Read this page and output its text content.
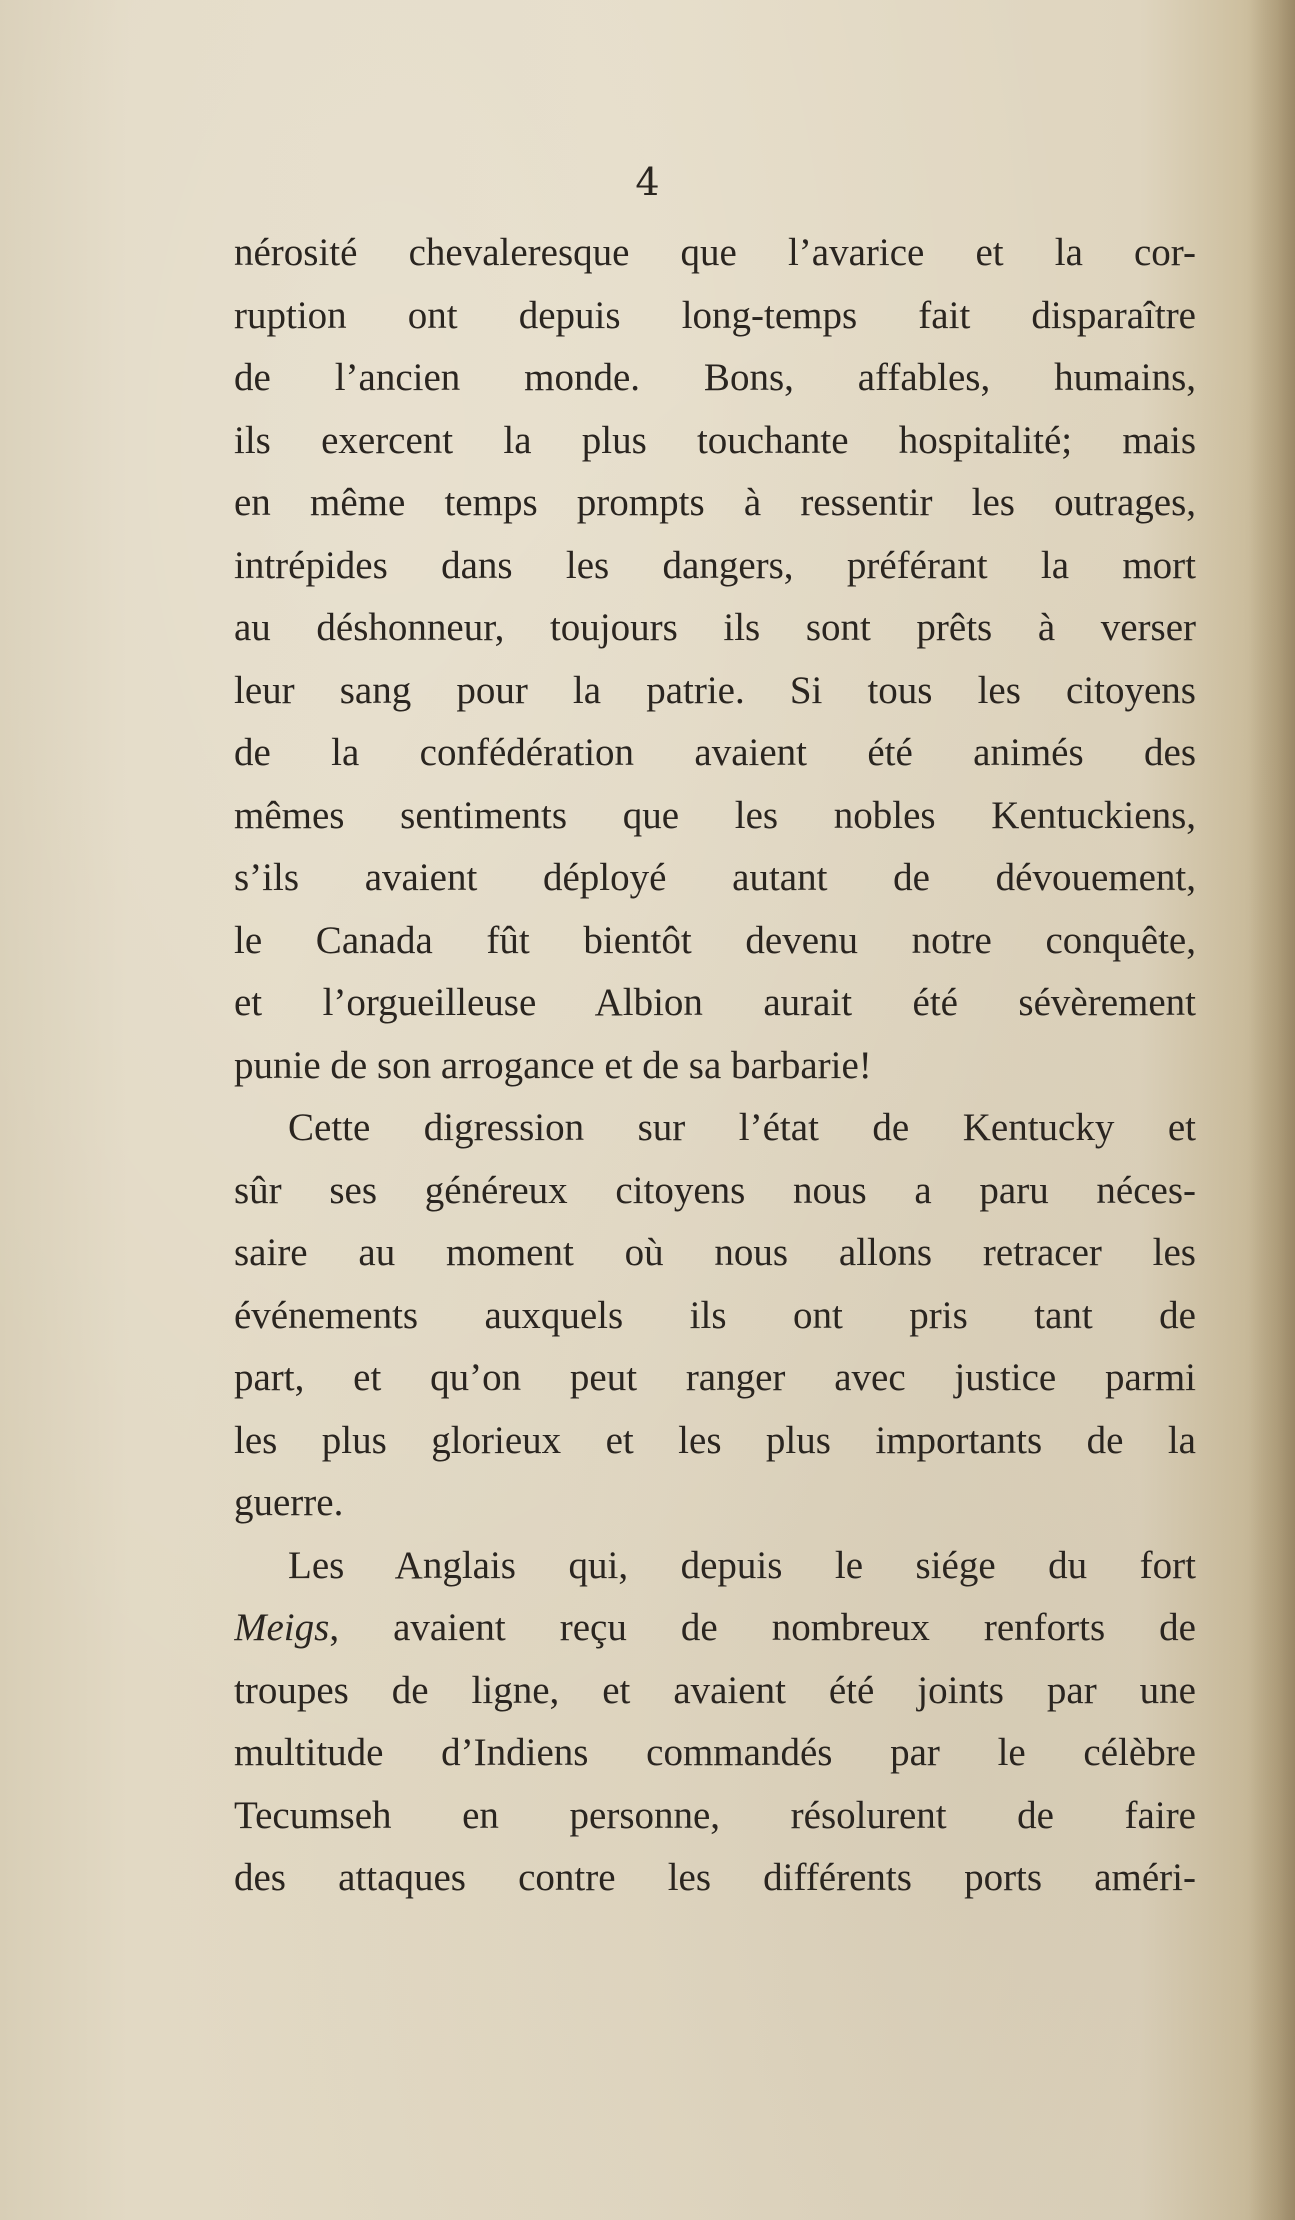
4

nérosité chevaleresque que l’avarice et la cor-
ruption ont depuis long-temps fait disparaître
de l’ancien monde. Bons, affables, humains,
ils exercent la plus touchante hospitalité; mais
en même temps prompts à ressentir les outrages,
intrépides dans les dangers, préférant la mort
au déshonneur, toujours ils sont prêts à verser
leur sang pour la patrie. Si tous les citoyens
de la confédération avaient été animés des
mêmes sentiments que les nobles Kentuckiens,
s’ils avaient déployé autant de dévouement,
le Canada fût bientôt devenu notre conquête,
et l’orgueilleuse Albion aurait été sévèrement
punie de son arrogance et de sa barbarie!
Cette digression sur l’état de Kentucky et
sûr ses généreux citoyens nous a paru néces-
saire au moment où nous allons retracer les
événements auxquels ils ont pris tant de
part, et qu’on peut ranger avec justice parmi
les plus glorieux et les plus importants de la
guerre.
Les Anglais qui, depuis le siége du fort
Meigs, avaient reçu de nombreux renforts de
troupes de ligne, et avaient été joints par une
multitude d’Indiens commandés par le célèbre
Tecumseh en personne, résolurent de faire
des attaques contre les différents ports améri-
